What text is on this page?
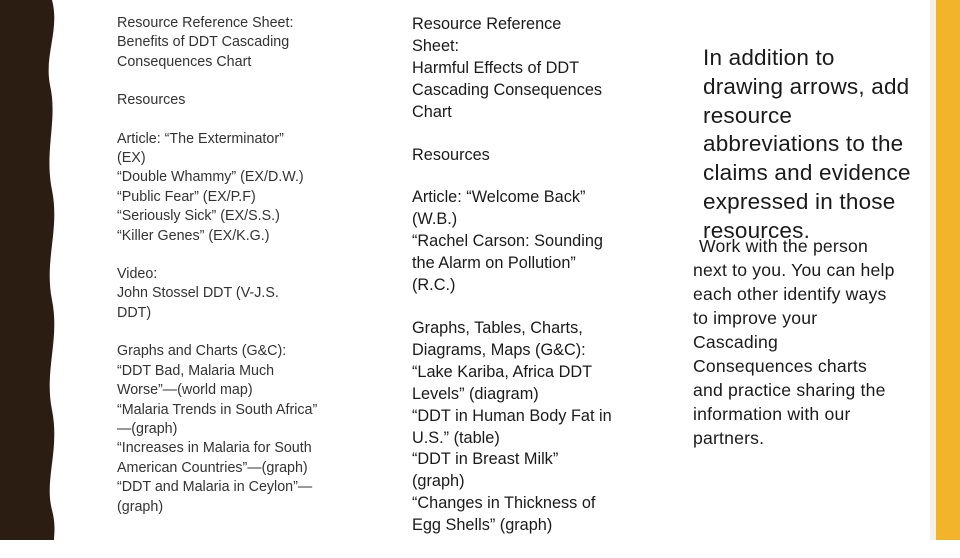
Resource Reference Sheet:
Benefits of DDT Cascading
Consequences Chart
Resources
Article: “The Exterminator”
(EX)
“Double Whammy” (EX/D.W.)
“Public Fear” (EX/P.F)
“Seriously Sick” (EX/S.S.)
“Killer Genes” (EX/K.G.)
Video:
John Stossel DDT (V-J.S.
DDT)
Graphs and Charts (G&C):
“DDT Bad, Malaria Much
Worse”—(world map)
“Malaria Trends in South Africa”
—(graph)
“Increases in Malaria for South
American Countries”—(graph)
“DDT and Malaria in Ceylon”—
(graph)
Resource Reference
Sheet:
Harmful Effects of DDT
Cascading Consequences
Chart
Resources
Article: “Welcome Back”
(W.B.)
“Rachel Carson: Sounding
the Alarm on Pollution”
(R.C.)
Graphs, Tables, Charts,
Diagrams, Maps (G&C):
“Lake Kariba, Africa DDT
Levels” (diagram)
“DDT in Human Body Fat in
U.S.” (table)
“DDT in Breast Milk”
(graph)
“Changes in Thickness of
Egg Shells” (graph)
In addition to
drawing arrows, add
resource
abbreviations to the
claims and evidence
expressed in those
resources.
Work with the person
next to you. You can help
each other identify ways
to improve your
Cascading
Consequences charts
and practice sharing the
information with our
partners.
